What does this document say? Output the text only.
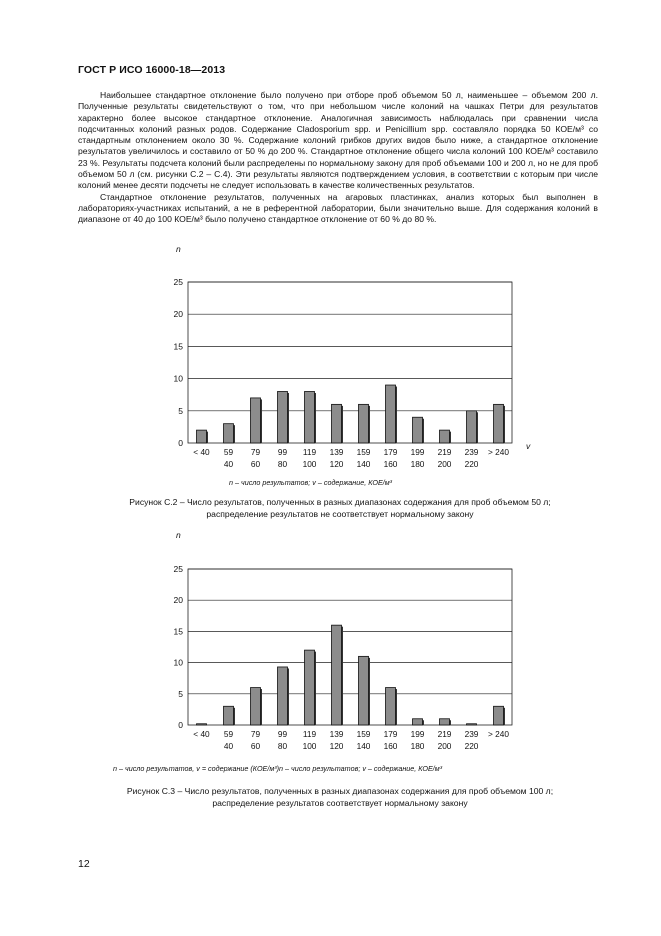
ГОСТ Р ИСО 16000-18—2013

Наибольшее стандартное отклонение было получено при отборе проб объемом 50 л, наименьшее – объемом 200 л. Полученные результаты свидетельствуют о том, что при небольшом числе колоний на чашках Петри для результатов характерно более высокое стандартное отклонение. Аналогичная зависимость наблюдалась при сравнении числа подсчитанных колоний разных родов. Содержание Cladosporium spp. и Penicillium spp. составляло порядка 50 КОЕ/м³ со стандартным отклонением около 30 %. Содержание колоний грибков других видов было ниже, а стандартное отклонение результатов увеличилось и составило от 50 % до 200 %. Стандартное отклонение общего числа колоний 100 КОЕ/м³ составило 23 %. Результаты подсчета колоний были распределены по нормальному закону для проб объемами 100 и 200 л, но не для проб объемом 50 л (см. рисунки С.2 – С.4). Эти результаты являются подтверждением условия, в соответствии с которым при числе колоний менее десяти подсчеты не следует использовать в качестве количественных результатов.

Стандартное отклонение результатов, полученных на агаровых пластинках, анализ которых был выполнен в лабораториях-участниках испытаний, а не в референтной лаборатории, были значительно выше. Для содержания колоний в диапазоне от 40 до 100 КОЕ/м³ было получено стандартное отклонение от 60 % до 80 %.

0
5
10
15
20
25
n
v
< 40 59
40
79
60
99
80
119
100
139
120
159
140
179
160
199
180
219
200
239
220
> 240
0
5
10
15
20
25
n
< 40 59
40
79
60
99
80
119
100
139
120
159
140
179
160
199
180
219
200
239
220
> 240
n – число результатов; v – содержание, КОЕ/м³
Рисунок С.2 – Число результатов, полученных в разных диапазонах содержания для проб объемом 50 л;
распределение результатов не соответствует нормальному закону
n – число результатов, v = содержание (КОЕ/м³)n – число результатов; v – содержание, КОЕ/м³
Рисунок С.3 – Число результатов, полученных в разных диапазонах содержания для проб объемом 100 л;
распределение результатов соответствует нормальному закону
12
